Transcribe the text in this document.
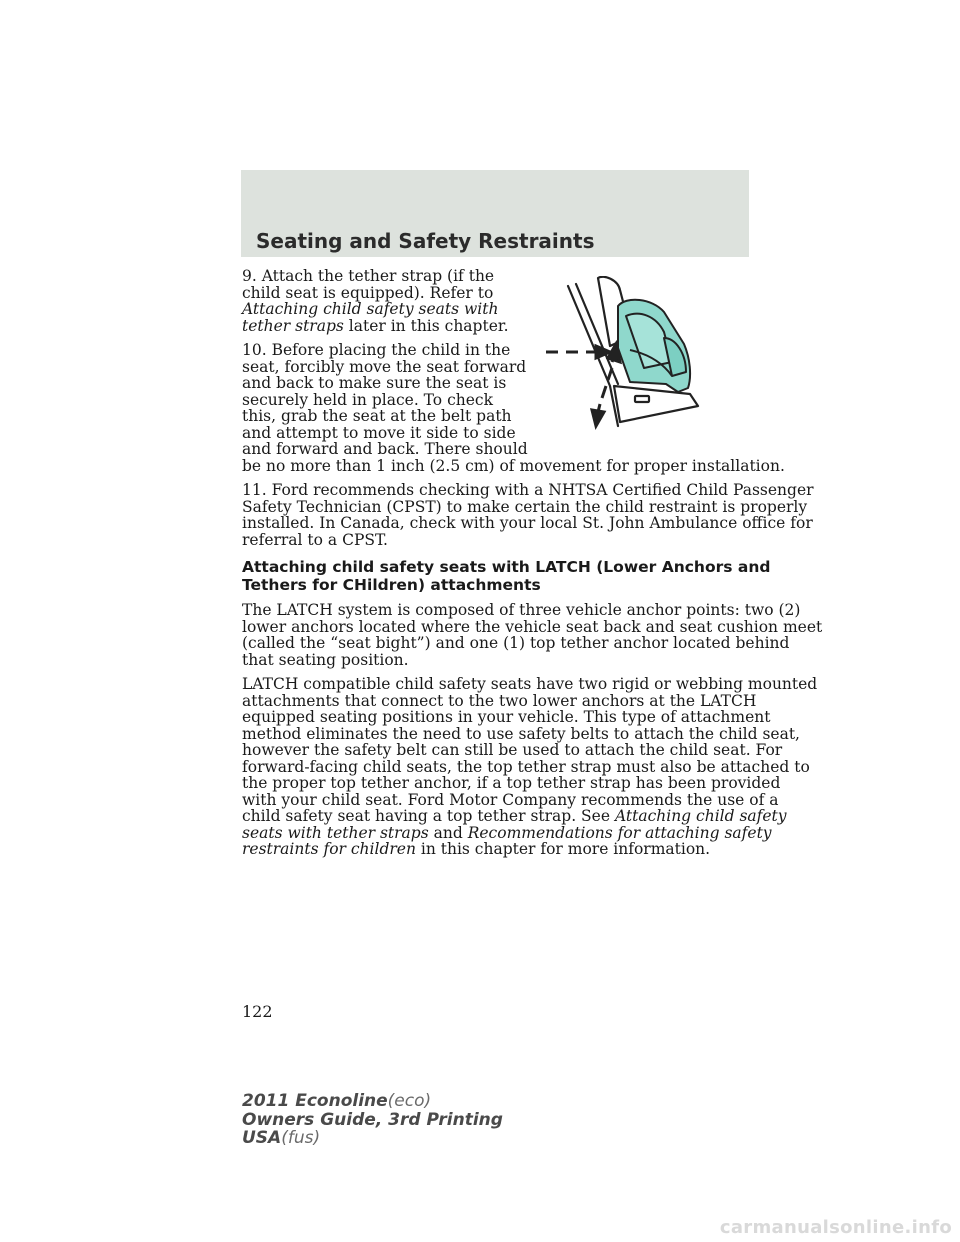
Seating and Safety Restraints

9. Attach the tether strap (if the

child seat is equipped). Refer to

Attaching child safety seats with

tether straps later in this chapter.

10. Before placing the child in the

seat, forcibly move the seat forward

and back to make sure the seat is

securely held in place. To check

this, grab the seat at the belt path

and attempt to move it side to side

and forward and back. There should

be no more than 1 inch (2.5 cm) of movement for proper installation.

11. Ford recommends checking with a NHTSA Certified Child Passenger

Safety Technician (CPST) to make certain the child restraint is properly

installed. In Canada, check with your local St. John Ambulance office for

referral to a CPST.

Attaching child safety seats with LATCH (Lower Anchors and
Tethers for CHildren) attachments

The LATCH system is composed of three vehicle anchor points: two (2)

lower anchors located where the vehicle seat back and seat cushion meet

(called the “seat bight”) and one (1) top tether anchor located behind

that seating position.

LATCH compatible child safety seats have two rigid or webbing mounted

attachments that connect to the two lower anchors at the LATCH

equipped seating positions in your vehicle. This type of attachment

method eliminates the need to use safety belts to attach the child seat,

however the safety belt can still be used to attach the child seat. For

forward-facing child seats, the top tether strap must also be attached to

the proper top tether anchor, if a top tether strap has been provided

with your child seat. Ford Motor Company recommends the use of a

child safety seat having a top tether strap. See Attaching child safety

seats with tether straps and Recommendations for attaching safety

restraints for children in this chapter for more information.

122
2011 Econoline(eco)
Owners Guide, 3rd Printing
USA(fus)
carmanualsonline.info
